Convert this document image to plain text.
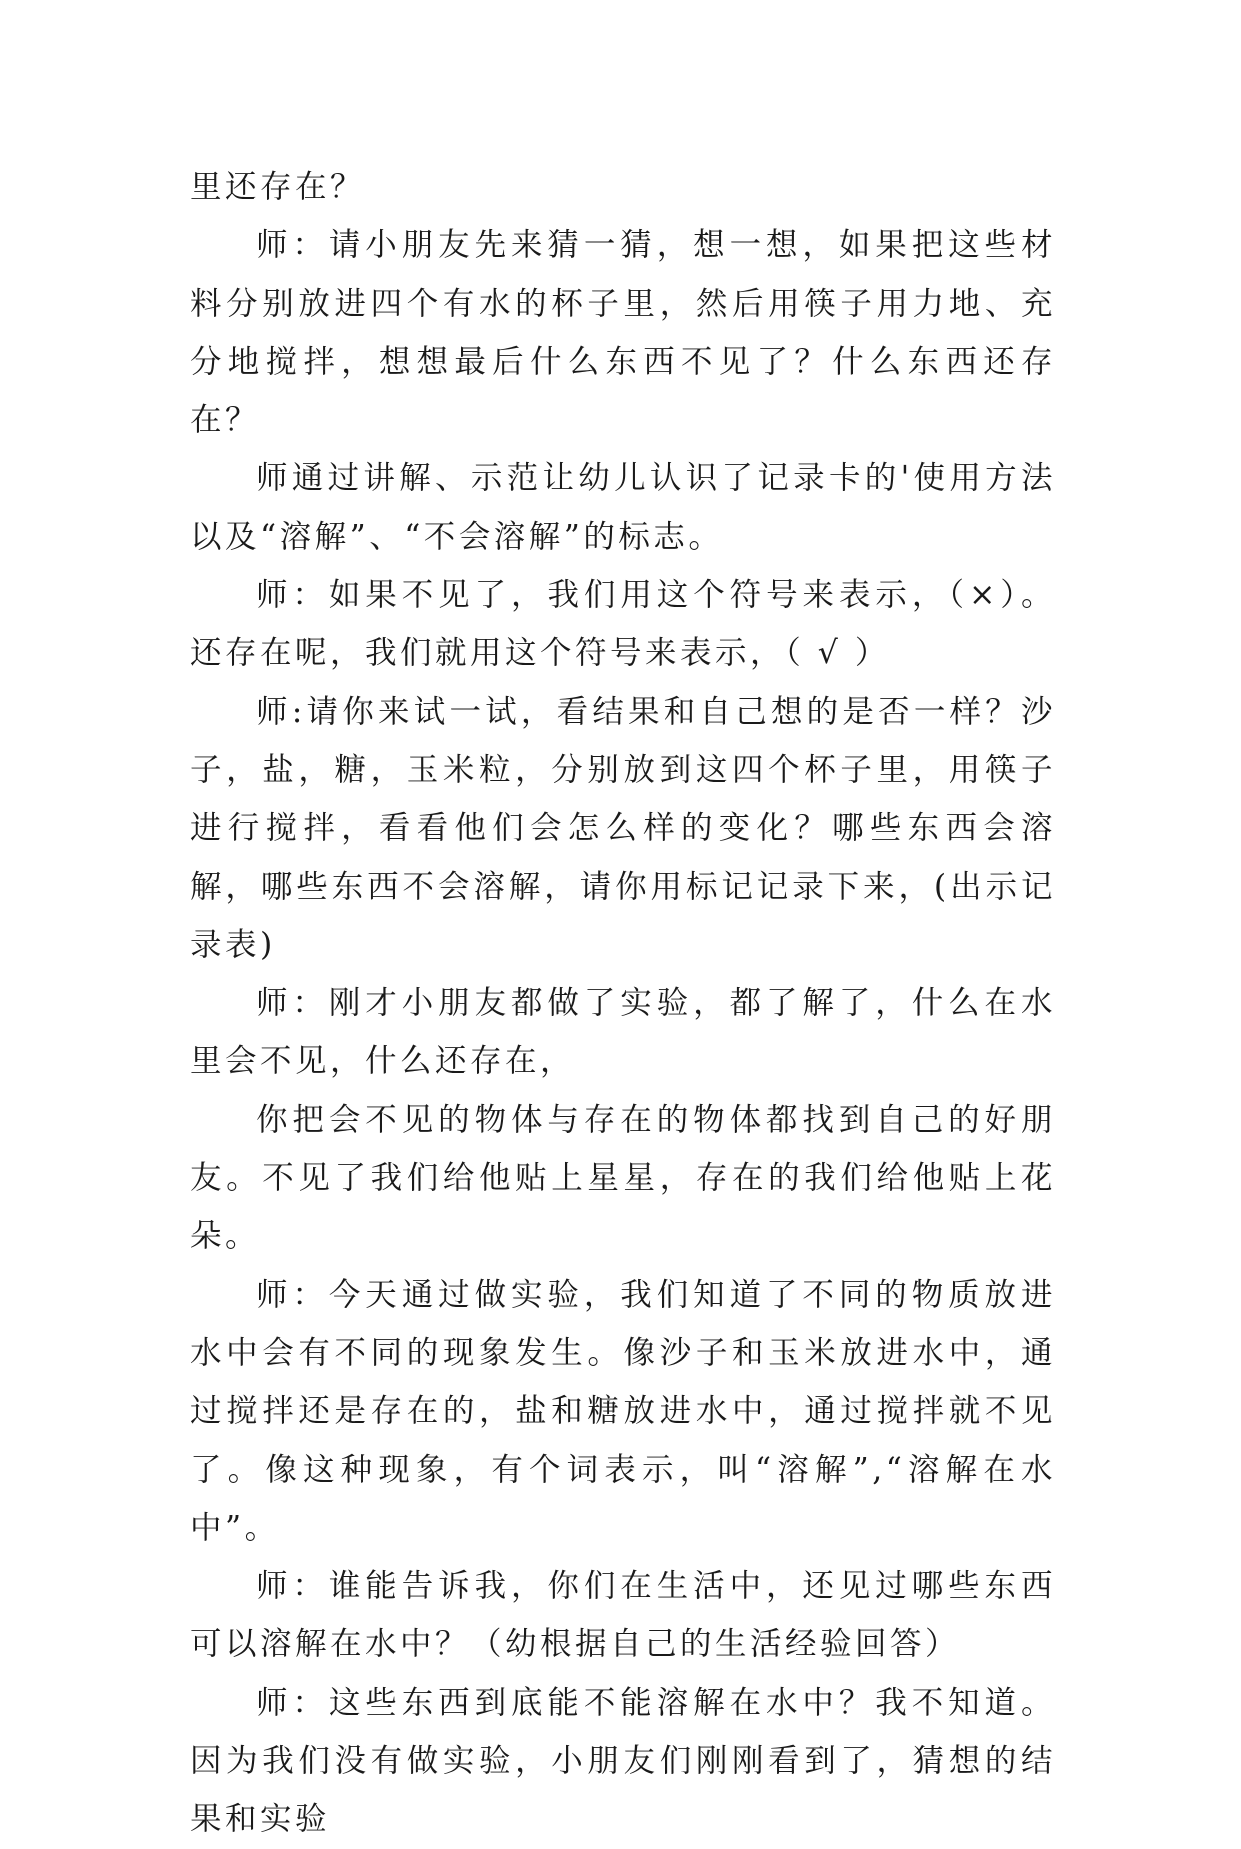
里还存在？

师：请小朋友先来猜一猜，想一想，如果把这些材料分别放进四个有水的杯子里，然后用筷子用力地、充分地搅拌，想想最后什么东西不见了？什么东西还存在？

师通过讲解、示范让幼儿认识了记录卡的'使用方法以及“溶解”、“不会溶解”的标志。

师：如果不见了，我们用这个符号来表示，（×）。还存在呢，我们就用这个符号来表示，（ √ ）

师:请你来试一试，看结果和自己想的是否一样？沙子，盐，糖，玉米粒，分别放到这四个杯子里，用筷子进行搅拌，看看他们会怎么样的变化？哪些东西会溶解，哪些东西不会溶解，请你用标记记录下来，(出示记录表)

师：刚才小朋友都做了实验，都了解了，什么在水里会不见，什么还存在，

你把会不见的物体与存在的物体都找到自己的好朋友。不见了我们给他贴上星星，存在的我们给他贴上花朵。

师：今天通过做实验，我们知道了不同的物质放进水中会有不同的现象发生。像沙子和玉米放进水中，通过搅拌还是存在的，盐和糖放进水中，通过搅拌就不见了。像这种现象，有个词表示，叫“溶解”,“溶解在水中”。

师：谁能告诉我，你们在生活中，还见过哪些东西可以溶解在水中？（幼根据自己的生活经验回答）

师：这些东西到底能不能溶解在水中？我不知道。因为我们没有做实验，小朋友们刚刚看到了，猜想的结果和实验
